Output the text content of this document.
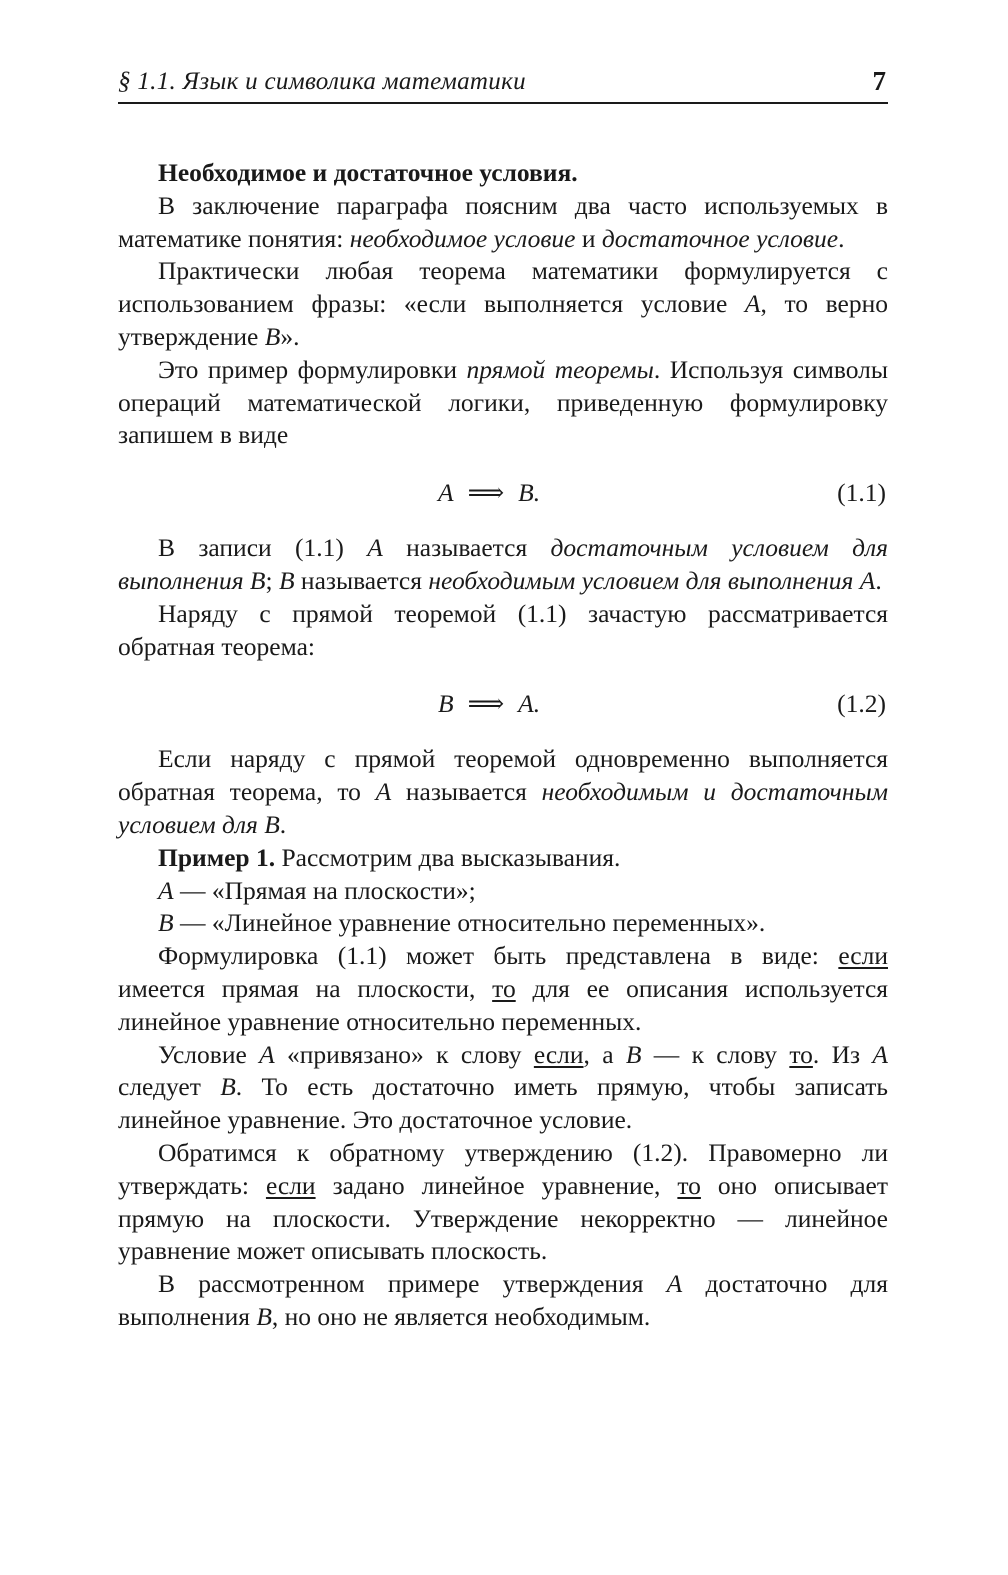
§ 1.1. Язык и символика математики	7

Необходимое и достаточное условия.

В заключение параграфа поясним два часто используемых в математике понятия: необходимое условие и достаточное условие.

Практически любая теорема математики формулируется с использованием фразы: «если выполняется условие A, то верно утверждение B».

Это пример формулировки прямой теоремы. Используя символы операций математической логики, приведенную формулировку запишем в виде

A ⟹ B.	(1.1)

В записи (1.1) A называется достаточным условием для выполнения B; B называется необходимым условием для выполнения A.

Наряду с прямой теоремой (1.1) зачастую рассматривается обратная теорема:

B ⟹ A.	(1.2)

Если наряду с прямой теоремой одновременно выполняется обратная теорема, то A называется необходимым и достаточным условием для B.

Пример 1. Рассмотрим два высказывания.

A — «Прямая на плоскости»;

B — «Линейное уравнение относительно переменных».

Формулировка (1.1) может быть представлена в виде: если имеется прямая на плоскости, то для ее описания используется линейное уравнение относительно переменных.

Условие A «привязано» к слову если, а B — к слову то. Из A следует B. То есть достаточно иметь прямую, чтобы записать линейное уравнение. Это достаточное условие.

Обратимся к обратному утверждению (1.2). Правомерно ли утверждать: если задано линейное уравнение, то оно описывает прямую на плоскости. Утверждение некорректно — линейное уравнение может описывать плоскость.

В рассмотренном примере утверждения A достаточно для выполнения B, но оно не является необходимым.
